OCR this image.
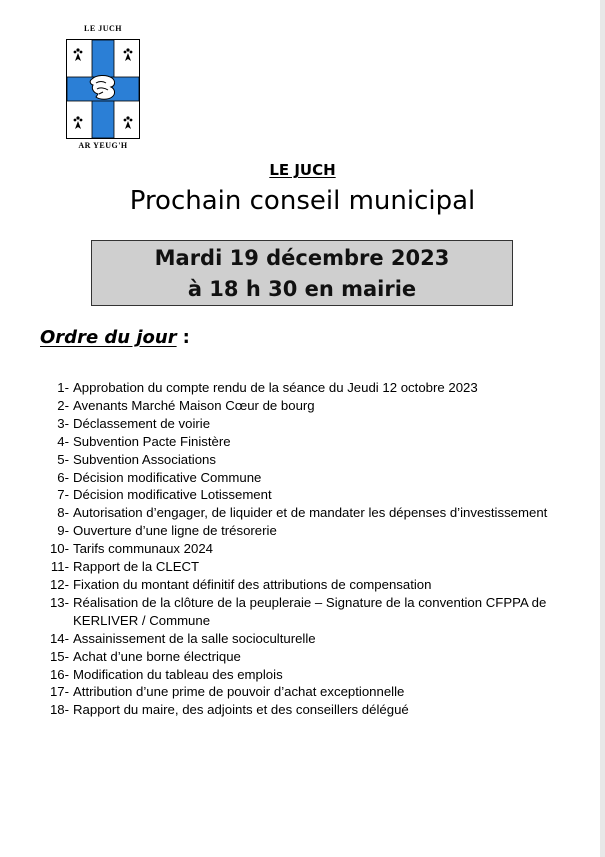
LE JUCH
AR YEUG'H
LE JUCH
Prochain conseil municipal
Mardi 19 décembre 2023
à 18 h 30 en mairie
Ordre du jour :
1- Approbation du compte rendu de la séance du Jeudi 12 octobre 2023
2- Avenants Marché Maison Cœur de bourg
3- Déclassement de voirie
4- Subvention Pacte Finistère
5- Subvention Associations
6- Décision modificative Commune
7- Décision modificative Lotissement
8- Autorisation d’engager, de liquider et de mandater les dépenses d’investissement
9- Ouverture d’une ligne de trésorerie
10- Tarifs communaux 2024
11- Rapport de la CLECT
12- Fixation du montant définitif des attributions de compensation
13- Réalisation de la clôture de la peupleraie – Signature de la convention CFPPA de KERLIVER / Commune
14- Assainissement de la salle socioculturelle
15- Achat d’une borne électrique
16- Modification du tableau des emplois
17- Attribution d’une prime de pouvoir d’achat exceptionnelle
18- Rapport du maire, des adjoints et des conseillers délégué
